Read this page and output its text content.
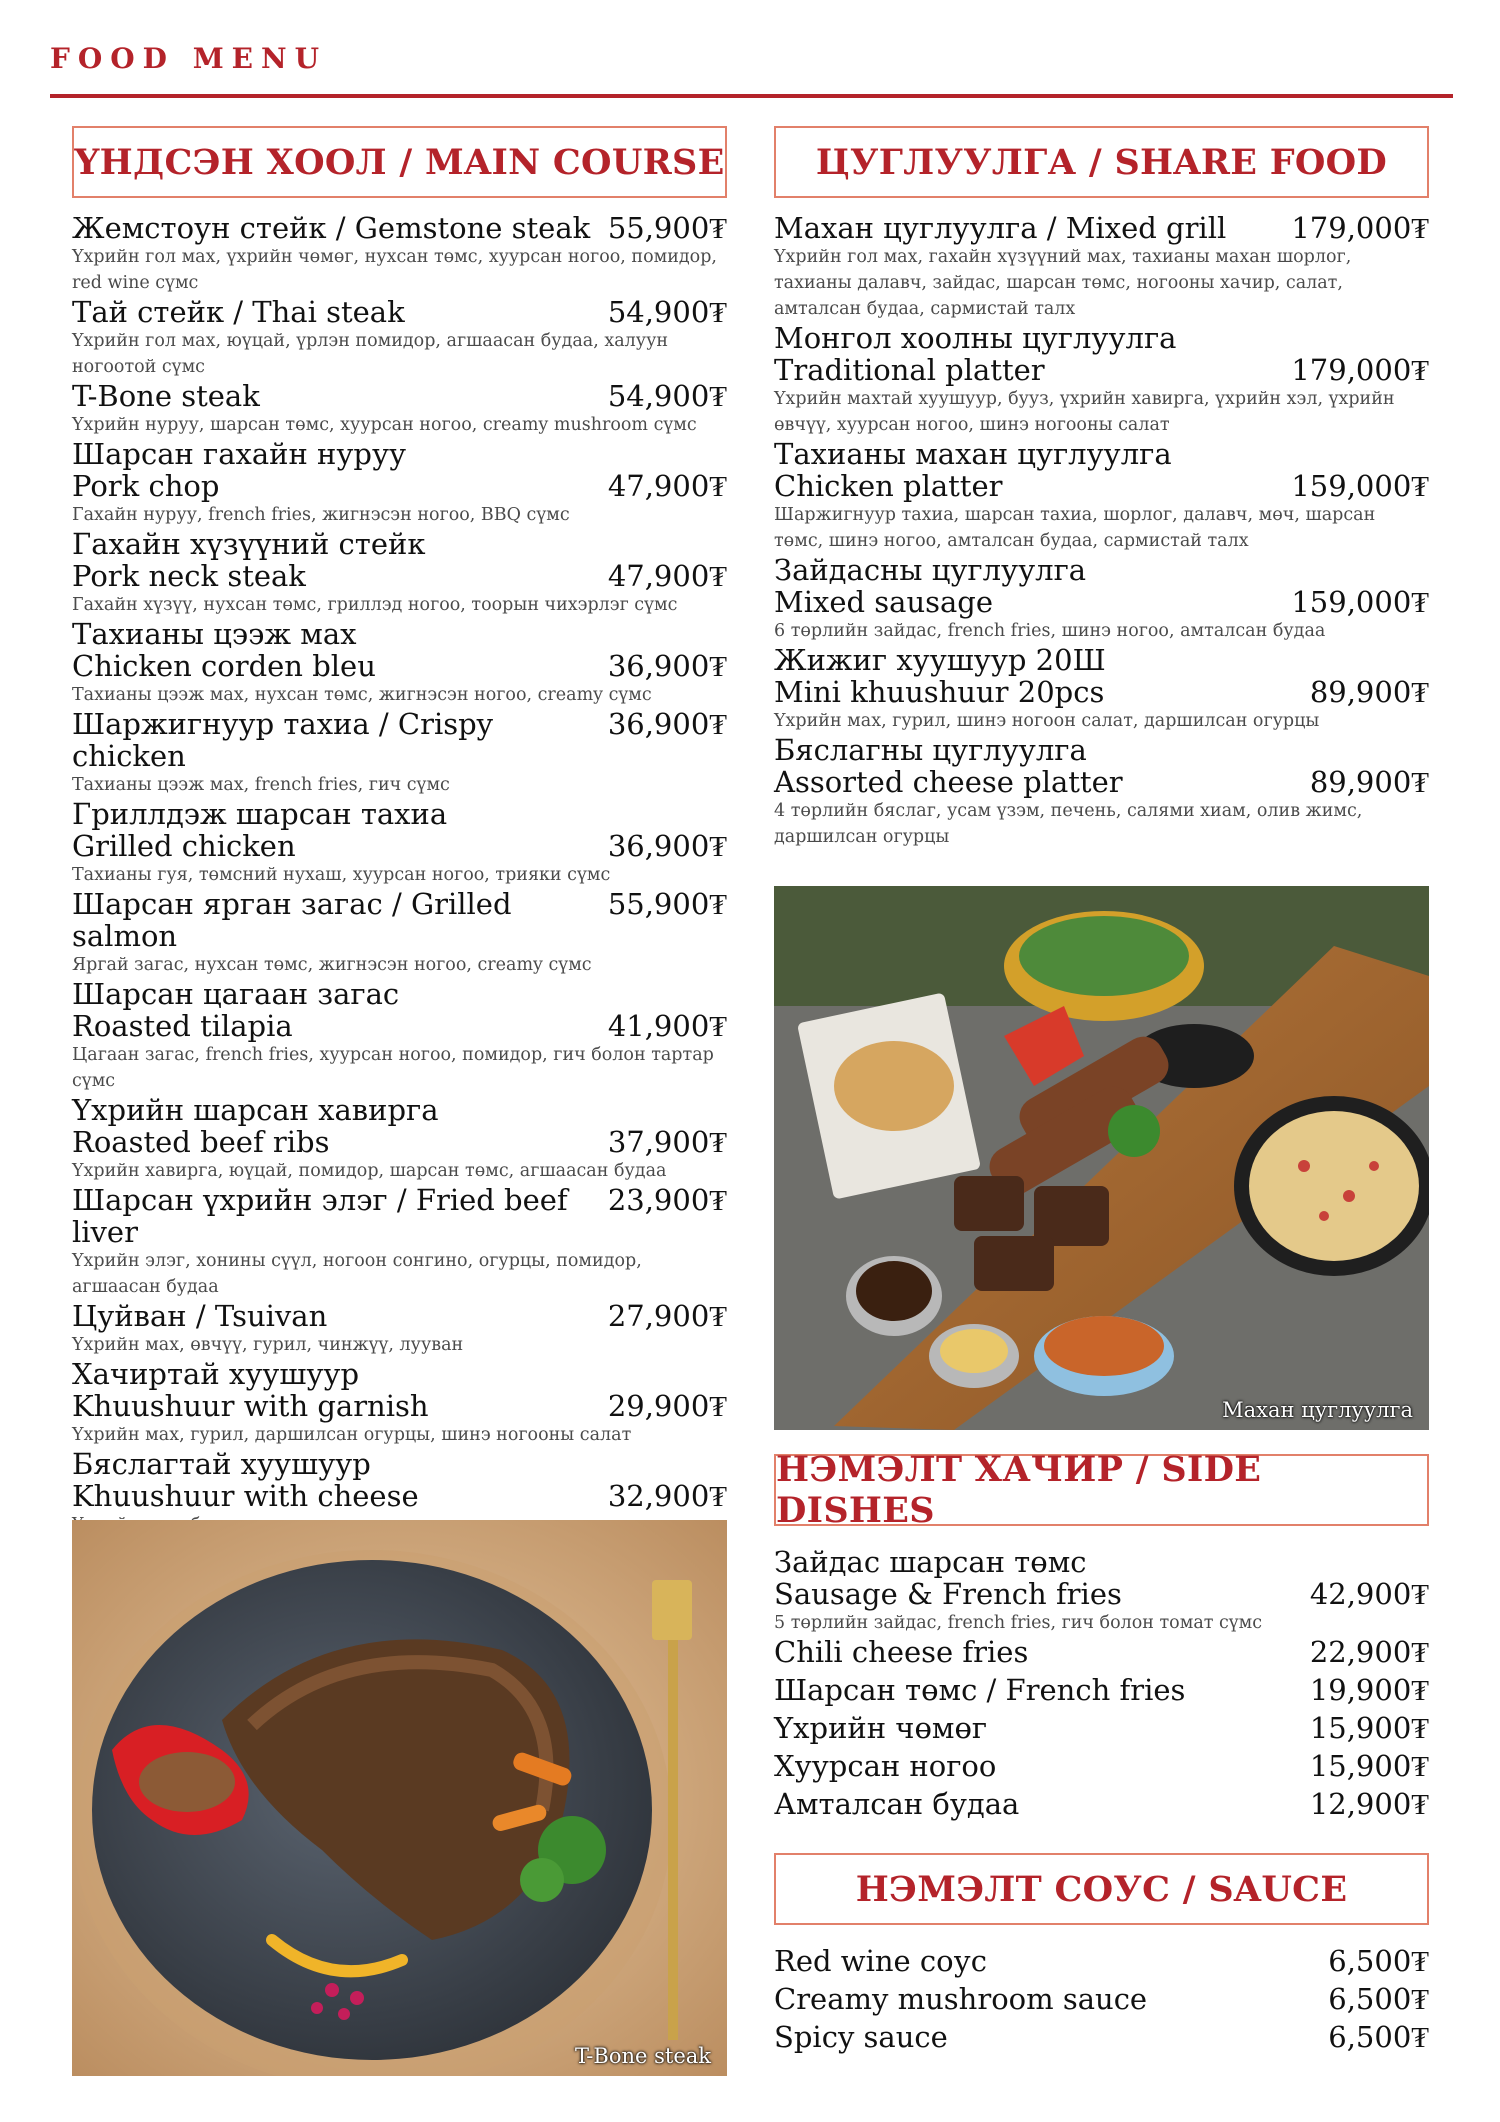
FOOD MENU
ҮНДСЭН ХООЛ / MAIN COURSE
Жемстоун стейк / Gemstone steak 55,900₮
Үхрийн гол мах, үхрийн чөмөг, нухсан төмс, хуурсан ногоо, помидор, red wine сүмс
Тай стейк / Thai steak	54,900₮
Үхрийн гол мах, юүцай, үрлэн помидор, агшаасан будаа, халуун ногоотой сүмс
T-Bone steak	54,900₮
Үхрийн нуруу, шарсан төмс, хуурсан ногоо, creamy mushroom сүмс
Шарсан гахайн нуруу
Pork chop	47,900₮
Гахайн нуруу, french fries, жигнэсэн ногоо, BBQ сүмс
Гахайн хүзүүний стейк
Pork neck steak	47,900₮
Гахайн хүзүү, нухсан төмс, гриллэд ногоо, тоорын чихэрлэг сүмс
Тахианы цээж мах
Chicken corden bleu	36,900₮
Тахианы цээж мах, нухсан төмс, жигнэсэн ногоо, creamy сүмс
Шаржигнуур тахиа / Crispy chicken
36,900₮
Тахианы цээж мах, french fries, гич сүмс
Гриллдэж шарсан тахиа
Grilled chicken	36,900₮
Тахианы гуя, төмсний нухаш, хуурсан ногоо, трияки сүмс
Шарсан ярган загас / Grilled salmon
55,900₮
Яргай загас, нухсан төмс, жигнэсэн ногоо, creamy сүмс
Шарсан цагаан загас
Roasted tilapia	41,900₮
Цагаан загас, french fries, хуурсан ногоо, помидор, гич болон тартар сүмс
Үхрийн шарсан хавирга
Roasted beef ribs	37,900₮
Үхрийн хавирга, юүцай, помидор, шарсан төмс, агшаасан будаа
Шарсан үхрийн элэг / Fried beef liver
23,900₮
Үхрийн элэг, хонины сүүл, ногоон сонгино, огурцы, помидор, агшаасан будаа
Цуйван / Tsuivan	27,900₮
Үхрийн мах, өвчүү, гурил, чинжүү, лууван
Хачиртай хуушуур
Khuushuur with garnish	29,900₮
Үхрийн мах, гурил, даршилсан огурцы, шинэ ногооны салат
Бяслагтай хуушуур
Khuushuur with cheese	32,900₮
T-Bone steak
ЦУГЛУУЛГА / SHARE FOOD
Махан цуглуулга / Mixed grill	179,000₮
Үхрийн гол мах, гахайн хүзүүний мах, тахианы махан шорлог, тахианы далавч, зайдас, шарсан төмс, ногооны хачир, салат, амталсан будаа, сармистай талх
Монгол хоолны цуглуулга
Traditional platter	179,000₮
Үхрийн махтай хуушуур, бууз, үхрийн хавирга, үхрийн хэл, үхрийн өвчүү, хуурсан ногоо, шинэ ногооны салат
Тахианы махан цуглуулга
Chicken platter	159,000₮
Шаржигнуур тахиа, шарсан тахиа, шорлог, далавч, мөч, шарсан төмс, шинэ ногоо, амталсан будаа, сармистай талх
Зайдасны цуглуулга
Mixed sausage	159,000₮
6 төрлийн зайдас, french fries, шинэ ногоо, амталсан будаа
Жижиг хуушуур 20Ш
Mini khuushuur 20pcs	89,900₮
Үхрийн мах, гурил, шинэ ногоон салат, даршилсан огурцы
Бяслагны цуглуулга
Assorted cheese platter	89,900₮
4 төрлийн бяслаг, усам үзэм, печень, салями хиам, олив жимс, даршилсан огурцы
Махан цуглуулга
НЭМЭЛТ ХАЧИР / SIDE DISHES
Зайдас шарсан төмс
Sausage & French fries	42,900₮
5 төрлийн зайдас, french fries, гич болон томат сүмс
Chili cheese fries	22,900₮
Шарсан төмс / French fries	19,900₮
Үхрийн чөмөг	15,900₮
Хуурсан ногоо	15,900₮
Амталсан будаа	12,900₮
НЭМЭЛТ СОУС / SAUCE
Red wine соус	6,500₮
Creamy mushroom sauce	6,500₮
Spicy sauce	6,500₮
